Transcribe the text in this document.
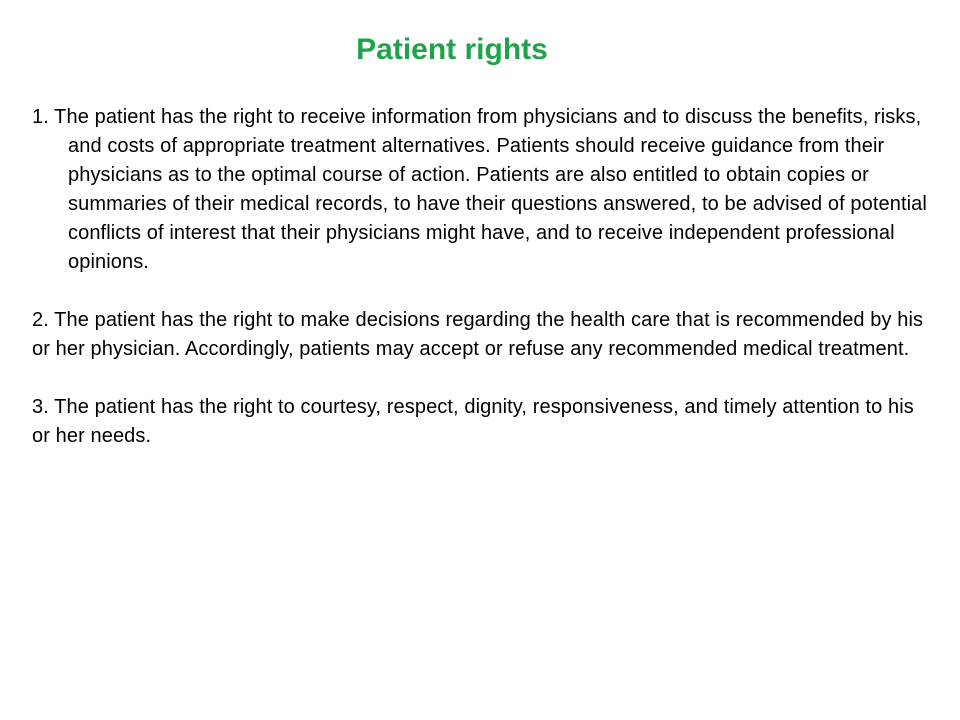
Patient rights

1. The patient has the right to receive information from physicians and to discuss the benefits, risks, and costs of appropriate treatment alternatives. Patients should receive guidance from their physicians as to the optimal course of action. Patients are also entitled to obtain copies or summaries of their medical records, to have their questions answered, to be advised of potential conflicts of interest that their physicians might have, and to receive independent professional opinions.

2. The patient has the right to make decisions regarding the health care that is recommended by his or her physician. Accordingly, patients may accept or refuse any recommended medical treatment.

3. The patient has the right to courtesy, respect, dignity, responsiveness, and timely attention to his or her needs.
